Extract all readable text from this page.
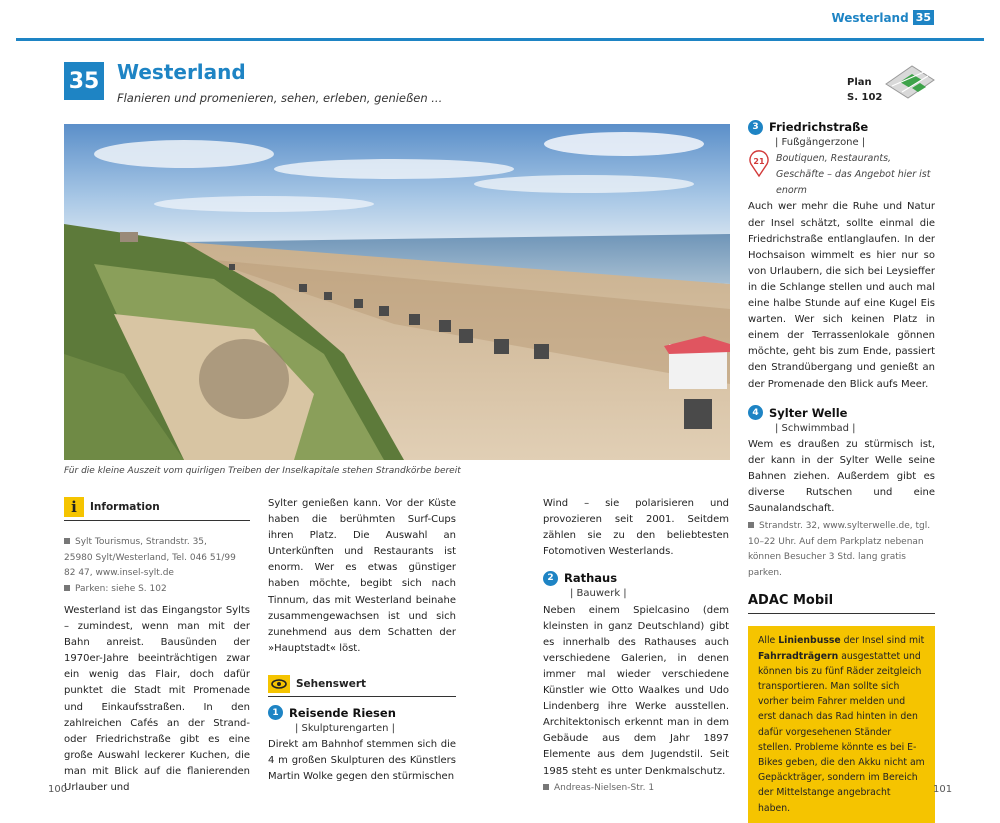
Westerland 35
35 Westerland
Flanieren und promenieren, sehen, erleben, genießen ...
Plan
S. 102
Für die kleine Auszeit vom quirligen Treiben der Inselkapitale stehen Strandkörbe bereit
i	Information
Sylt Tourismus, Strandstr. 35,
25980 Sylt/Westerland, Tel. 046 51/99
82 47, www.insel-sylt.de
Parken: siehe S. 102

Westerland ist das Eingangstor Sylts – zumindest, wenn man mit der Bahn anreist. Bausünden der 1970er-Jahre beeinträchtigen zwar ein wenig das Flair, doch dafür punktet die Stadt mit Promenade und Einkaufsstraßen. In den zahlreichen Cafés an der Strand- oder Friedrichstraße gibt es eine große Auswahl leckerer Kuchen, die man mit Blick auf die flanierenden Urlauber und

Sylter genießen kann. Vor der Küste haben die berühmten Surf-Cups ihren Platz. Die Auswahl an Unterkünften und Restaurants ist enorm. Wer es etwas günstiger haben möchte, begibt sich nach Tinnum, das mit Westerland beinahe zusammengewachsen ist und sich zunehmend aus dem Schatten der »Hauptstadt« löst.

Sehenswert
1 Reisende Riesen
| Skulpturengarten |

Direkt am Bahnhof stemmen sich die 4 m großen Skulpturen des Künstlers Martin Wolke gegen den stürmischen

Wind – sie polarisieren und provozieren seit 2001. Seitdem zählen sie zu den beliebtesten Fotomotiven Westerlands.

2 Rathaus
| Bauwerk |

Neben einem Spielcasino (dem kleinsten in ganz Deutschland) gibt es innerhalb des Rathauses auch verschiedene Galerien, in denen immer mal wieder verschiedene Künstler wie Otto Waalkes und Udo Lindenberg ihre Werke ausstellen. Architektonisch erkennt man in dem Gebäude aus dem Jahr 1897 Elemente aus dem Jugendstil. Seit 1985 steht es unter Denkmalschutz.

Andreas-Nielsen-Str. 1
3 Friedrichstraße
| Fußgängerzone |
21 Boutiquen, Restaurants, Geschäfte – das Angebot hier ist enorm

Auch wer mehr die Ruhe und Natur der Insel schätzt, sollte einmal die Friedrichstraße entlanglaufen. In der Hochsaison wimmelt es hier nur so von Urlaubern, die sich bei Leysieffer in die Schlange stellen und auch mal eine halbe Stunde auf eine Kugel Eis warten. Wer sich keinen Platz in einem der Terrassenlokale gönnen möchte, geht bis zum Ende, passiert den Strandübergang und genießt an der Promenade den Blick aufs Meer.

4 Sylter Welle
| Schwimmbad |

Wem es draußen zu stürmisch ist, der kann in der Sylter Welle seine Bahnen ziehen. Außerdem gibt es diverse Rutschen und eine Saunalandschaft.

Strandstr. 32, www.sylterwelle.de, tgl. 10–22 Uhr. Auf dem Parkplatz nebenan können Besucher 3 Std. lang gratis parken.
ADAC Mobil
Alle Linienbusse der Insel sind mit Fahrradträgern ausgestattet und können bis zu fünf Räder zeitgleich transportieren. Man sollte sich vorher beim Fahrer melden und erst danach das Rad hinten in den dafür vorgesehenen Ständer stellen. Probleme könnte es bei E-Bikes geben, die den Akku nicht am Gepäckträger, sondern im Bereich der Mittelstange angebracht haben.
100	101
